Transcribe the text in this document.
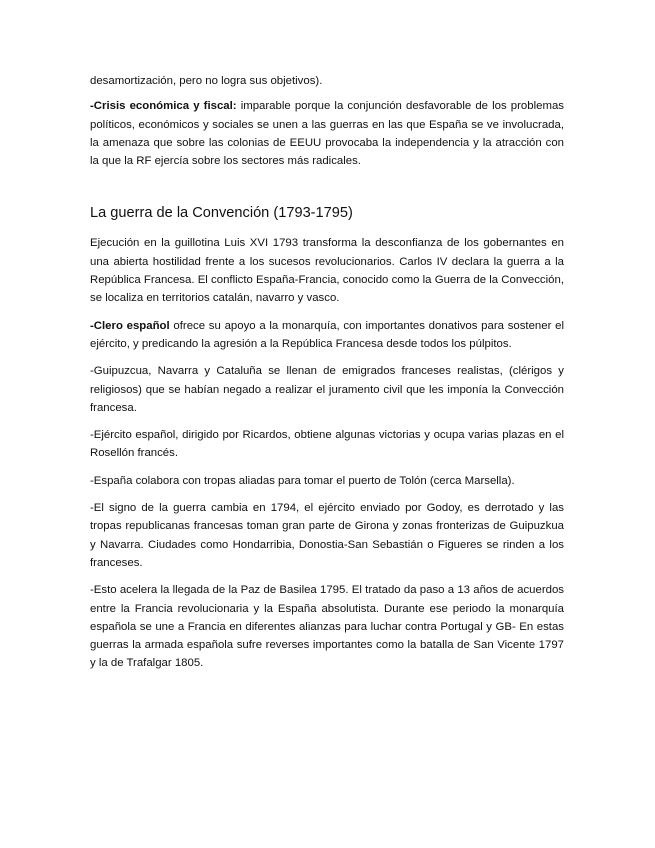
desamortización, pero no logra sus objetivos).

-Crisis económica y fiscal: imparable porque la conjunción desfavorable de los problemas políticos, económicos y sociales se unen a las guerras en las que España se ve involucrada, la amenaza que sobre las colonias de EEUU provocaba la independencia y la atracción con la que la RF ejercía sobre los sectores más radicales.

La guerra de la Convención (1793-1795)

Ejecución en la guillotina Luis XVI 1793 transforma la desconfianza de los gobernantes en una abierta hostilidad frente a los sucesos revolucionarios. Carlos IV declara la guerra a la República Francesa. El conflicto España-Francia, conocido como la Guerra de la Convección, se localiza en territorios catalán, navarro y vasco.

-Clero español ofrece su apoyo a la monarquía, con importantes donativos para sostener el ejército, y predicando la agresión a la República Francesa desde todos los púlpitos.

-Guipuzcua, Navarra y Cataluña se llenan de emigrados franceses realistas, (clérigos y religiosos) que se habían negado a realizar el juramento civil que les imponía la Convección francesa.

-Ejército español, dirigido por Ricardos, obtiene algunas victorias y ocupa varias plazas en el Rosellón francés.

-España colabora con tropas aliadas para tomar el puerto de Tolón (cerca Marsella).

-El signo de la guerra cambia en 1794, el ejército enviado por Godoy, es derrotado y las tropas republicanas francesas toman gran parte de Girona y zonas fronterizas de Guipuzkua y Navarra. Ciudades como Hondarribia, Donostia-San Sebastián o Figueres se rinden a los franceses.

-Esto acelera la llegada de la Paz de Basilea 1795. El tratado da paso a 13 años de acuerdos entre la Francia revolucionaria y la España absolutista. Durante ese periodo la monarquía española se une a Francia en diferentes alianzas para luchar contra Portugal y GB- En estas guerras la armada española sufre reverses importantes como la batalla de San Vicente 1797 y la de Trafalgar 1805.
